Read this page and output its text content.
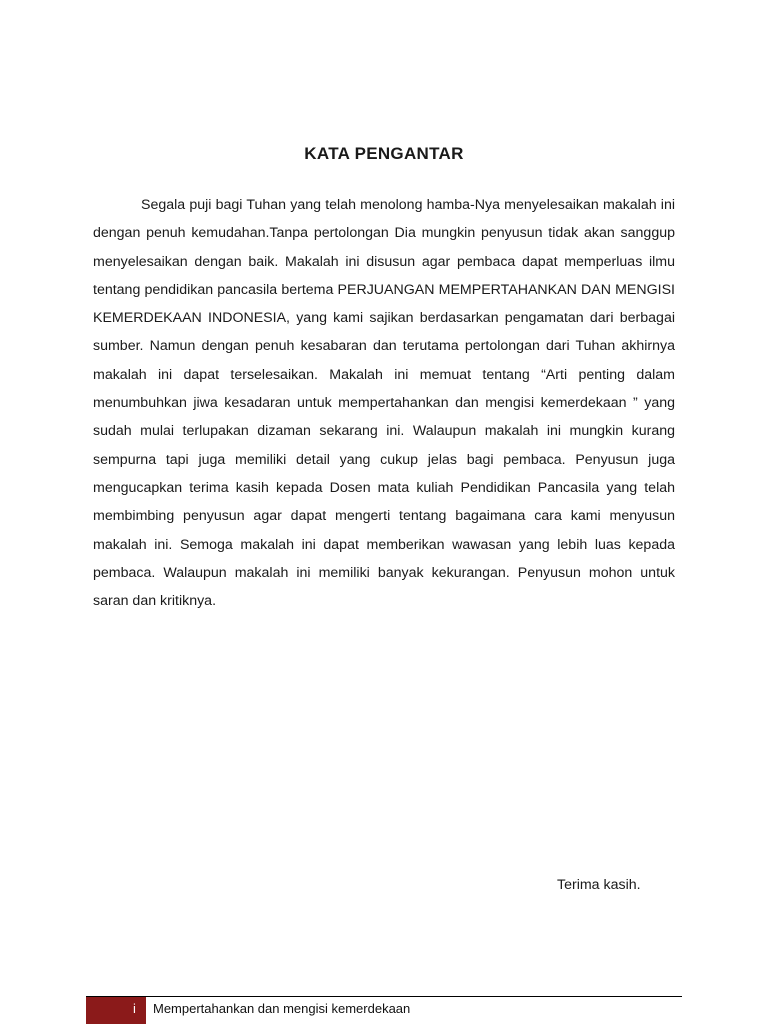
KATA PENGANTAR

Segala puji bagi Tuhan yang telah menolong hamba-Nya menyelesaikan makalah ini dengan penuh kemudahan.Tanpa pertolongan Dia mungkin penyusun tidak akan sanggup menyelesaikan dengan baik. Makalah ini disusun agar pembaca dapat memperluas ilmu tentang pendidikan pancasila bertema PERJUANGAN MEMPERTAHANKAN DAN MENGISI KEMERDEKAAN INDONESIA, yang kami sajikan berdasarkan pengamatan dari berbagai sumber. Namun dengan penuh kesabaran dan terutama pertolongan dari Tuhan akhirnya makalah ini dapat terselesaikan. Makalah ini memuat tentang “Arti penting dalam menumbuhkan jiwa kesadaran untuk mempertahankan dan mengisi kemerdekaan ” yang sudah mulai terlupakan dizaman sekarang ini. Walaupun makalah ini mungkin kurang sempurna tapi juga memiliki detail yang cukup jelas bagi pembaca. Penyusun juga mengucapkan terima kasih kepada Dosen mata kuliah Pendidikan Pancasila yang telah membimbing penyusun agar dapat mengerti tentang bagaimana cara kami menyusun makalah ini. Semoga makalah ini dapat memberikan wawasan yang lebih luas kepada pembaca. Walaupun makalah ini memiliki banyak kekurangan. Penyusun mohon untuk saran dan kritiknya.

Terima kasih.
i Mempertahankan dan mengisi kemerdekaan
